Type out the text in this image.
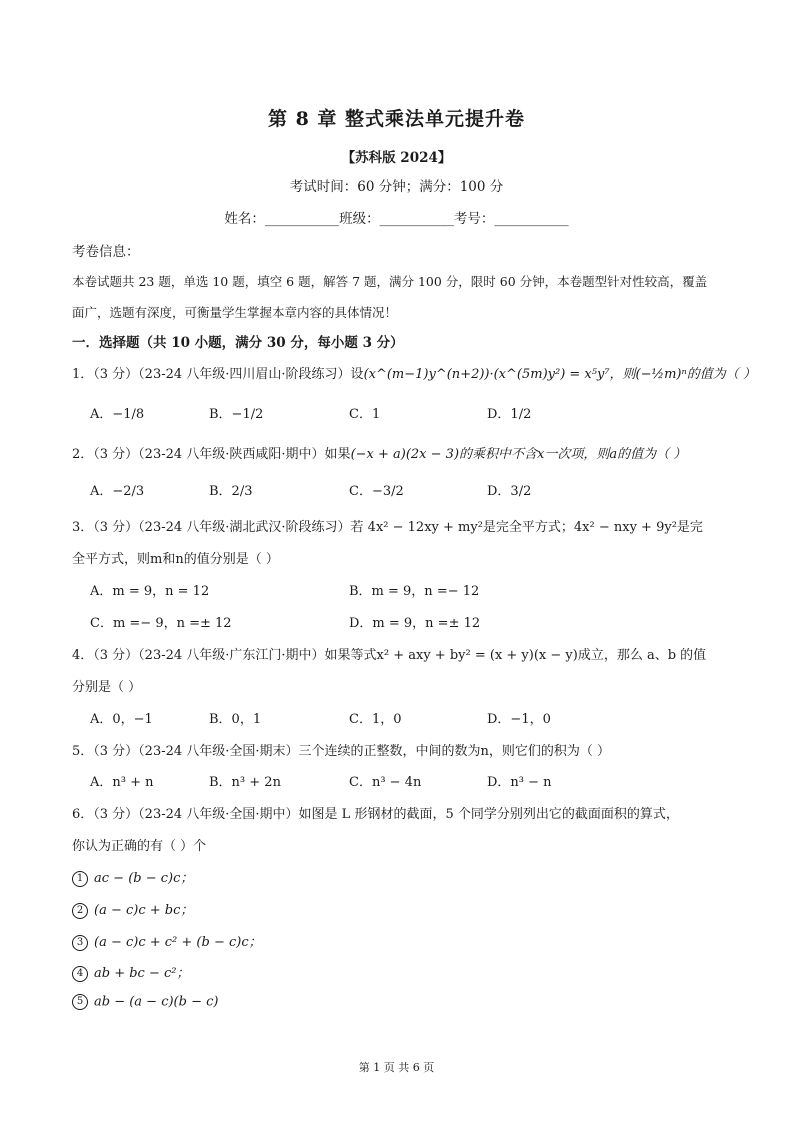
第 8 章 整式乘法单元提升卷
【苏科版 2024】
考试时间：60 分钟；满分：100 分
姓名：___________班级：___________考号：___________
考卷信息：
本卷试题共 23 题，单选 10 题，填空 6 题，解答 7 题，满分 100 分，限时 60 分钟，本卷题型针对性较高，覆盖
面广，选题有深度，可衡量学生掌握本章内容的具体情况！
一．选择题（共 10 小题，满分 30 分，每小题 3 分）
1．（3 分）（23-24 八年级·四川眉山·阶段练习）设(x^(m−1)y^(n+2))·(x^(5m)y²) = x⁵y⁷，则(−½m)ⁿ的值为（ ）
A．−1/8	B．−1/2	C．1	D．1/2
2．（3 分）（23-24 八年级·陕西咸阳·期中）如果(−x + a)(2x − 3)的乘积中不含x一次项，则a的值为（ ）
A．−2/3	B．2/3	C．−3/2	D．3/2
3．（3 分）（23-24 八年级·湖北武汉·阶段练习）若 4x² − 12xy + my²是完全平方式；4x² − nxy + 9y²是完
全平方式，则m和n的值分别是（ ）
A．m = 9，n = 12	B．m = 9，n =− 12
C．m =− 9，n =± 12	D．m = 9，n =± 12
4．（3 分）（23-24 八年级·广东江门·期中）如果等式x² + axy + by² = (x + y)(x − y)成立，那么 a、b 的值
分别是（ ）
A．0，−1	B．0，1	C．1，0	D．−1，0
5．（3 分）（23-24 八年级·全国·期末）三个连续的正整数，中间的数为n，则它们的积为（ ）
A．n³ + n	B．n³ + 2n	C．n³ − 4n	D．n³ − n
6．（3 分）（23-24 八年级·全国·期中）如图是 L 形钢材的截面，5 个同学分别列出它的截面面积的算式，
你认为正确的有（ ）个
1 ac − (b − c)c；
2 (a − c)c + bc；
3 (a − c)c + c² + (b − c)c；
4 ab + bc − c²；
5 ab − (a − c)(b − c)
第 1 页 共 6 页
